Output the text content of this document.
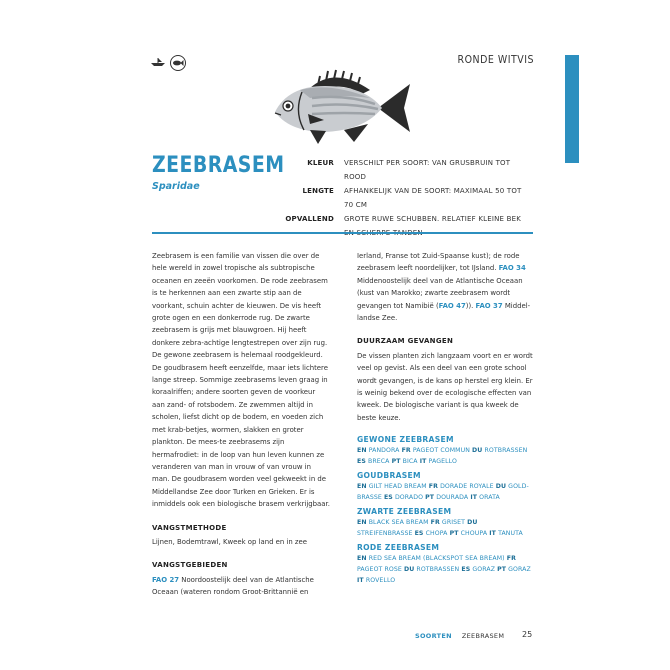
RONDE WITVIS
ZEEBRASEM
Sparidae
KLEUR	VERSCHILT PER SOORT: VAN GRUSBRUIN TOT ROOD
LENGTE	AFHANKELIJK VAN DE SOORT: MAXIMAAL 50 TOT 70 CM
OPVALLEND	GROTE RUWE SCHUBBEN. RELATIEF KLEINE BEK

Zeebrasem is een familie van vissen die over de hele wereld in zowel tropische als subtropische oceanen en zeeën voorkomen. De rode zeebrasem is te herkennen aan een zwarte stip aan de voorkant, schuin achter de kieuwen. De vis heeft grote ogen en een donkerrode rug. De zwarte zeebrasem is grijs met blauwgroen. Hij heeft donkere zebra-achtige lengtestrepen over zijn rug. De gewone zeebrasem is helemaal roodgekleurd. De goudbrasem heeft eenzelfde, maar iets lichtere lange streep. Sommige zeebrasems leven graag in koraalriffen; andere soorten geven de voorkeur aan zand- of rotsbodem. Ze zwemmen altijd in scholen, liefst dicht op de bodem, en voeden zich met krab-betjes, wormen, slakken en groter plankton. De mees-te zeebrasems zijn hermafrodiet: in de loop van hun leven kunnen ze veranderen van man in vrouw of van vrouw in man. De goudbrasem worden veel gekweekt in de Middellandse Zee door Turken en Grieken. Er is inmiddels ook een biologische brasem verkrijgbaar.

VANGSTMETHODE

Lijnen, Bodemtrawl, Kweek op land en in zee

VANGSTGEBIEDEN

FAO 27 Noordoostelijk deel van de Atlantische Oceaan (wateren rondom Groot-Brittannië en

Ierland, Franse tot Zuid-Spaanse kust); de rode zeebrasem leeft noordelijker, tot IJsland. FAO 34 Middenoostelijk deel van de Atlantische Oceaan (kust van Marokko; zwarte zeebrasem wordt gevangen tot Namibië (FAO 47)). FAO 37 Middel-landse Zee.

DUURZAAM GEVANGEN

De vissen planten zich langzaam voort en er wordt veel op gevist. Als een deel van een grote school wordt gevangen, is de kans op herstel erg klein. Er is weinig bekend over de ecologische effecten van kweek. De biologische variant is qua kweek de beste keuze.

GEWONE ZEEBRASEM
EN PANDORA FR PAGEOT COMMUN DU ROTBRASSEN ES BRECA PT BICA IT PAGELLO
GOUDBRASEM
EN GILT HEAD BREAM FR DORADE ROYALE DU GOLD-BRASSE ES DORADO PT DOURADA IT ORATA
ZWARTE ZEEBRASEM
EN BLACK SEA BREAM FR GRISET DU STREIFENBRASSE ES CHOPA PT CHOUPA IT TANUTA
RODE ZEEBRASEM
EN RED SEA BREAM (BLACKSPOT SEA BREAM) FR PAGEOT ROSE DU ROTBRASSEN ES GORAZ PT GORAZ IT ROVELLO
SOORTEN ZEEBRASEM 25
